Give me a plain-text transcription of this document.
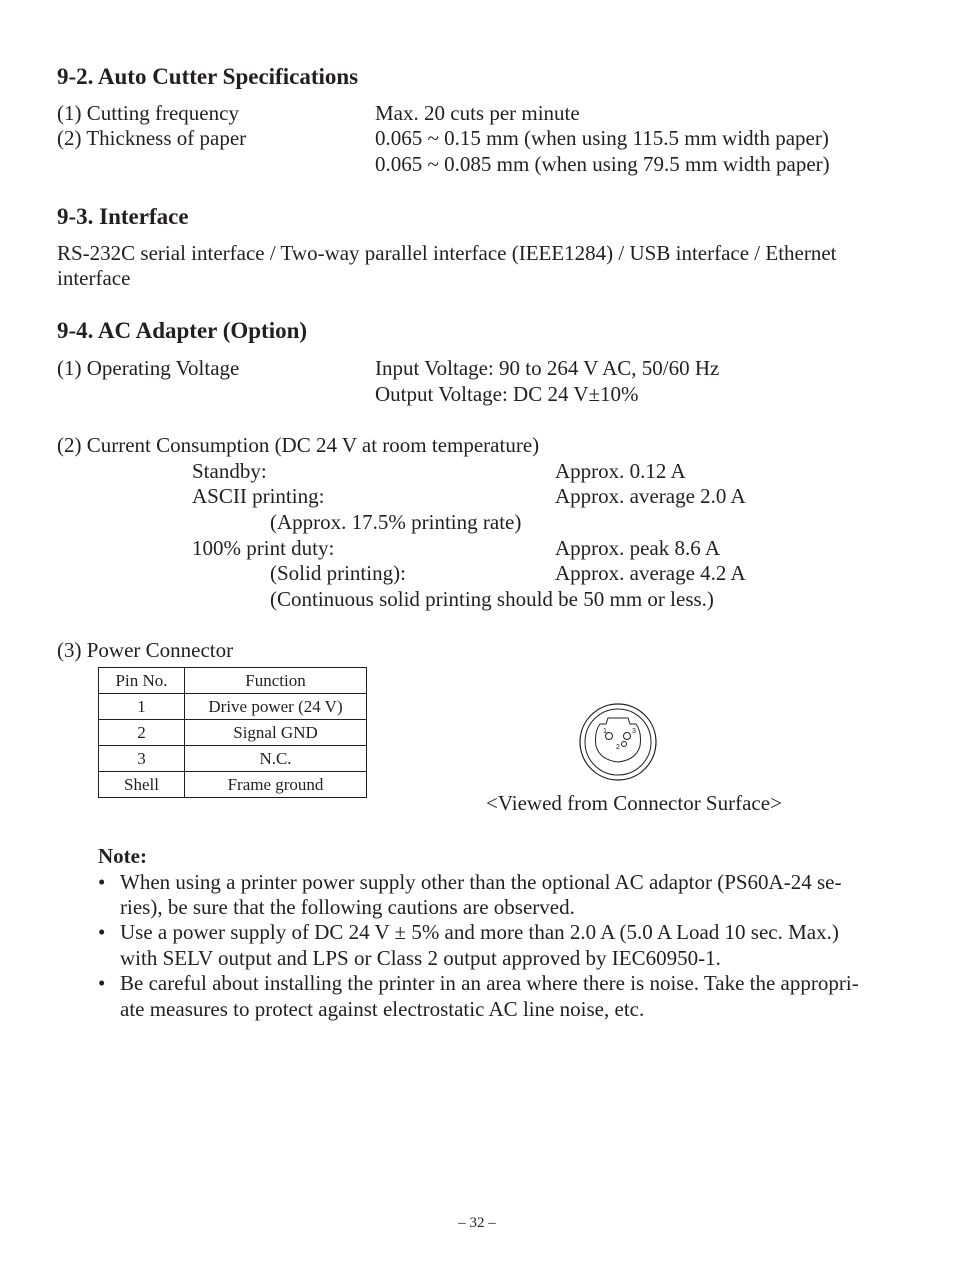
9-2. Auto Cutter Specifications
(1) Cutting frequency	Max. 20 cuts per minute
(2) Thickness of paper	0.065 ~ 0.15 mm (when using 115.5 mm width paper)
0.065 ~ 0.085 mm (when using 79.5 mm width paper)
9-3. Interface
RS-232C serial interface / Two-way parallel interface (IEEE1284) / USB interface / Ethernet interface
9-4. AC Adapter (Option)
(1) Operating Voltage	Input Voltage: 90 to 264 V AC, 50/60 Hz
Output Voltage: DC 24 V±10%
(2) Current Consumption (DC 24 V at room temperature)
Standby:	Approx. 0.12 A
ASCII printing:	Approx. average 2.0 A
(Approx. 17.5% printing rate)
100% print duty:	Approx. peak 8.6 A
(Solid printing):	Approx. average 4.2 A
(Continuous solid printing should be 50 mm or less.)
(3) Power Connector
Pin No.	Function
1	Drive power (24 V)
2	Signal GND
3	N.C.
Shell	Frame ground
1
2
3
<Viewed from Connector Surface>
Note:
• When using a printer power supply other than the optional AC adaptor (PS60A-24 se-
ries), be sure that the following cautions are observed.
• Use a power supply of DC 24 V ± 5% and more than 2.0 A (5.0 A Load 10 sec. Max.)
with SELV output and LPS or Class 2 output approved by IEC60950-1.
• Be careful about installing the printer in an area where there is noise. Take the appropri-
ate measures to protect against electrostatic AC line noise, etc.
– 32 –
